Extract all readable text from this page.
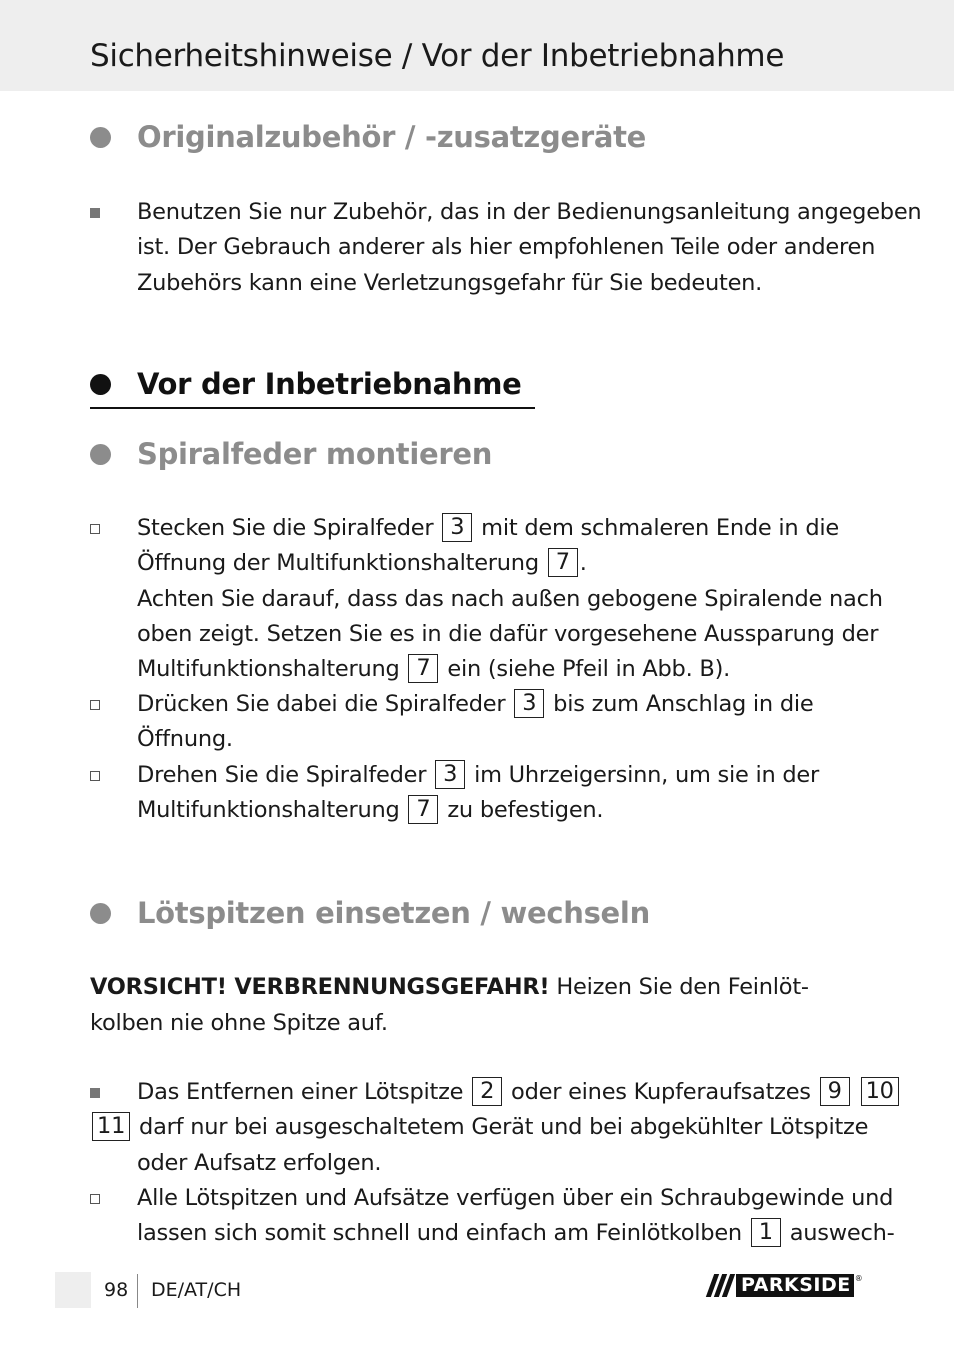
Sicherheitshinweise / Vor der Inbetriebnahme
Originalzubehör / -zusatzgeräte
Benutzen Sie nur Zubehör, das in der Bedienungsanleitung angegeben
ist. Der Gebrauch anderer als hier empfohlenen Teile oder anderen
Zubehörs kann eine Verletzungsgefahr für Sie bedeuten.
Vor der Inbetriebnahme
Spiralfeder montieren
Stecken Sie die Spiralfeder 3 mit dem schmaleren Ende in die
Öffnung der Multifunktionshalterung 7 .
Achten Sie darauf, dass das nach außen gebogene Spiralende nach
oben zeigt. Setzen Sie es in die dafür vorgesehene Aussparung der
Multifunktionshalterung 7 ein (siehe Pfeil in Abb. B).
Drücken Sie dabei die Spiralfeder 3 bis zum Anschlag in die
Öffnung.
Drehen Sie die Spiralfeder 3 im Uhrzeigersinn, um sie in der
Multifunktionshalterung 7 zu befestigen.
Lötspitzen einsetzen / wechseln
VORSICHT! VERBRENNUNGSGEFAHR! Heizen Sie den Feinlöt-
kolben nie ohne Spitze auf.
Das Entfernen einer Lötspitze 2 oder eines Kupferaufsatzes 9 10
11 darf nur bei ausgeschaltetem Gerät und bei abgekühlter Lötspitze
oder Aufsatz erfolgen.
Alle Lötspitzen und Aufsätze verfügen über ein Schraubgewinde und
lassen sich somit schnell und einfach am Feinlötkolben 1 auswech-
98 DE/AT/CH	PARKSIDE ®
